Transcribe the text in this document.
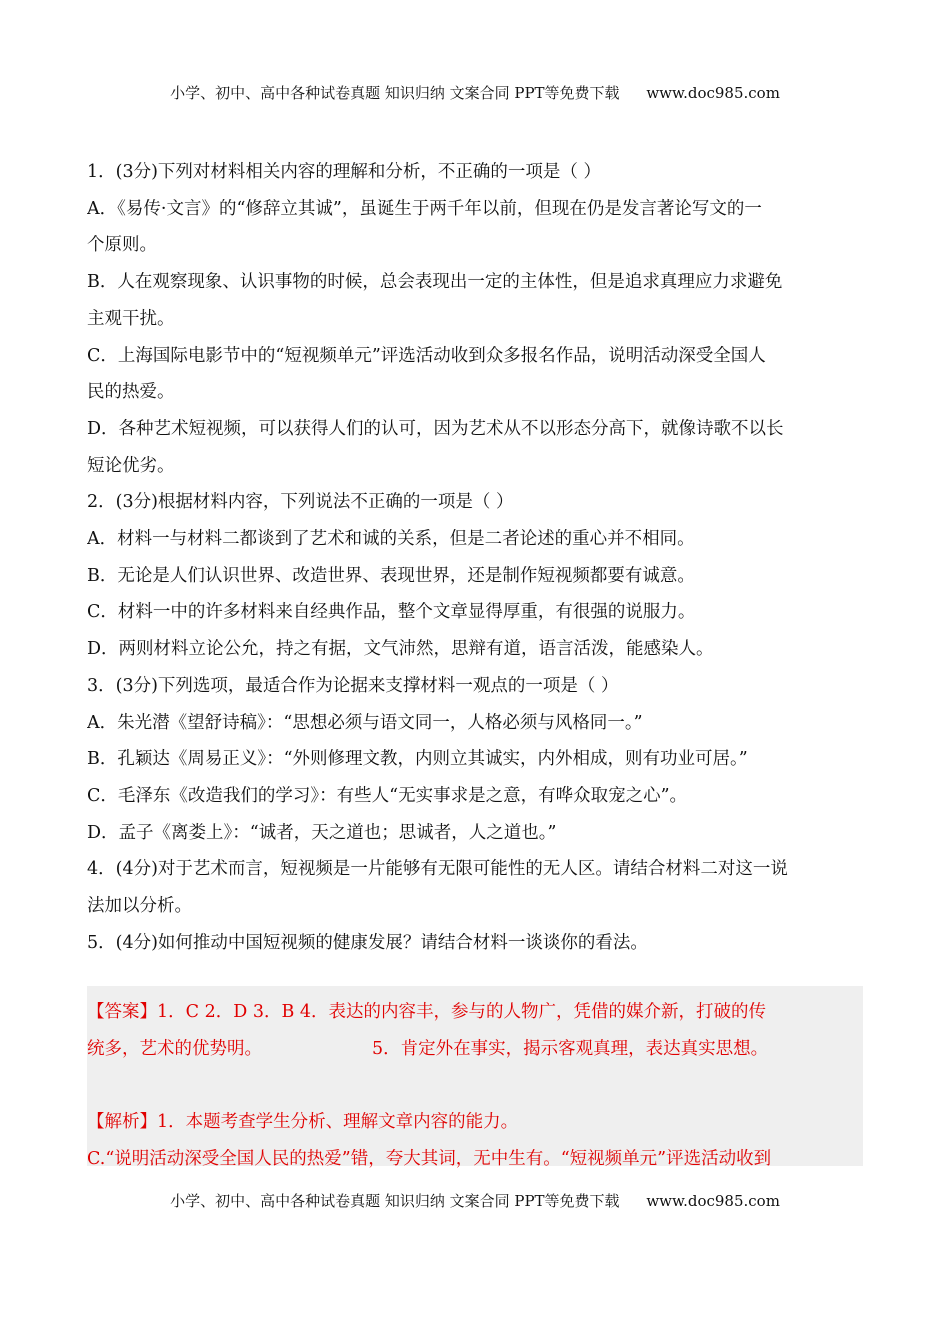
小学、初中、高中各种试卷真题 知识归纳 文案合同 PPT等免费下载 www.doc985.com
1．(3分)下列对材料相关内容的理解和分析，不正确的一项是（ ）
A．《易传·文言》的“修辞立其诚”，虽诞生于两千年以前，但现在仍是发言著论写文的一
个原则。
B．人在观察现象、认识事物的时候，总会表现出一定的主体性，但是追求真理应力求避免
主观干扰。
C．上海国际电影节中的“短视频单元”评选活动收到众多报名作品，说明活动深受全国人
民的热爱。
D．各种艺术短视频，可以获得人们的认可，因为艺术从不以形态分高下，就像诗歌不以长
短论优劣。
2．(3分)根据材料内容，下列说法不正确的一项是（ ）
A．材料一与材料二都谈到了艺术和诚的关系，但是二者论述的重心并不相同。
B．无论是人们认识世界、改造世界、表现世界，还是制作短视频都要有诚意。
C．材料一中的许多材料来自经典作品，整个文章显得厚重，有很强的说服力。
D．两则材料立论公允，持之有据，文气沛然，思辩有道，语言活泼，能感染人。
3．(3分)下列选项，最适合作为论据来支撑材料一观点的一项是（ ）
A．朱光潜《望舒诗稿》：“思想必须与语文同一，人格必须与风格同一。”
B．孔颖达《周易正义》：“外则修理文教，内则立其诚实，内外相成，则有功业可居。”
C．毛泽东《改造我们的学习》：有些人“无实事求是之意，有哗众取宠之心”。
D．孟子《离娄上》：“诚者，天之道也；思诚者，人之道也。”
4．(4分)对于艺术而言，短视频是一片能够有无限可能性的无人区。请结合材料二对这一说
法加以分析。
5．(4分)如何推动中国短视频的健康发展？请结合材料一谈谈你的看法。
【答案】1．C 2．D 3．B 4．表达的内容丰，参与的人物广，凭借的媒介新，打破的传
统多，艺术的优势明。	5．肯定外在事实，揭示客观真理，表达真实思想。
【解析】1．本题考查学生分析、理解文章内容的能力。
C.“说明活动深受全国人民的热爱”错，夸大其词，无中生有。“短视频单元”评选活动收到
小学、初中、高中各种试卷真题 知识归纳 文案合同 PPT等免费下载 www.doc985.com
